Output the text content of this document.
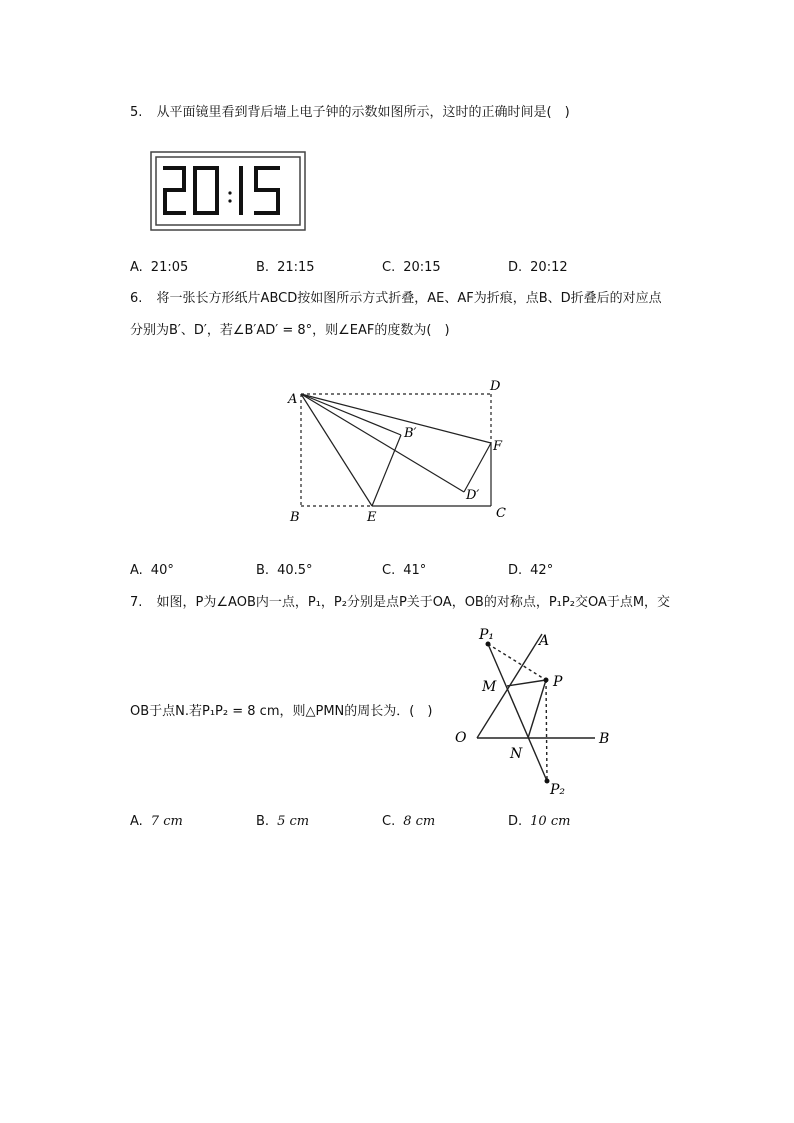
5. 从平面镜里看到背后墙上电子钟的示数如图所示，这时的正确时间是(　)
A. 21:05	B. 21:15	C. 20:15	D. 20:12
6. 将一张长方形纸片ABCD按如图所示方式折叠，AE、AF为折痕，点B、D折叠后的对应点
分别为B′、D′，若∠B′AD′ = 8°，则∠EAF的度数为(　)
A
D
B′
F
D′
B	E	C
A. 40°	B. 40.5°	C. 41°	D. 42°
7. 如图，P为∠AOB内一点，P₁，P₂分别是点P关于OA，OB的对称点，P₁P₂交OA于点M，交
OB于点N.若P₁P₂ = 8 cm，则△PMN的周长为．(　)
P₁	A
M	P
O	B
N
P₂
A. 7 cm	B. 5 cm	C. 8 cm	D. 10 cm
